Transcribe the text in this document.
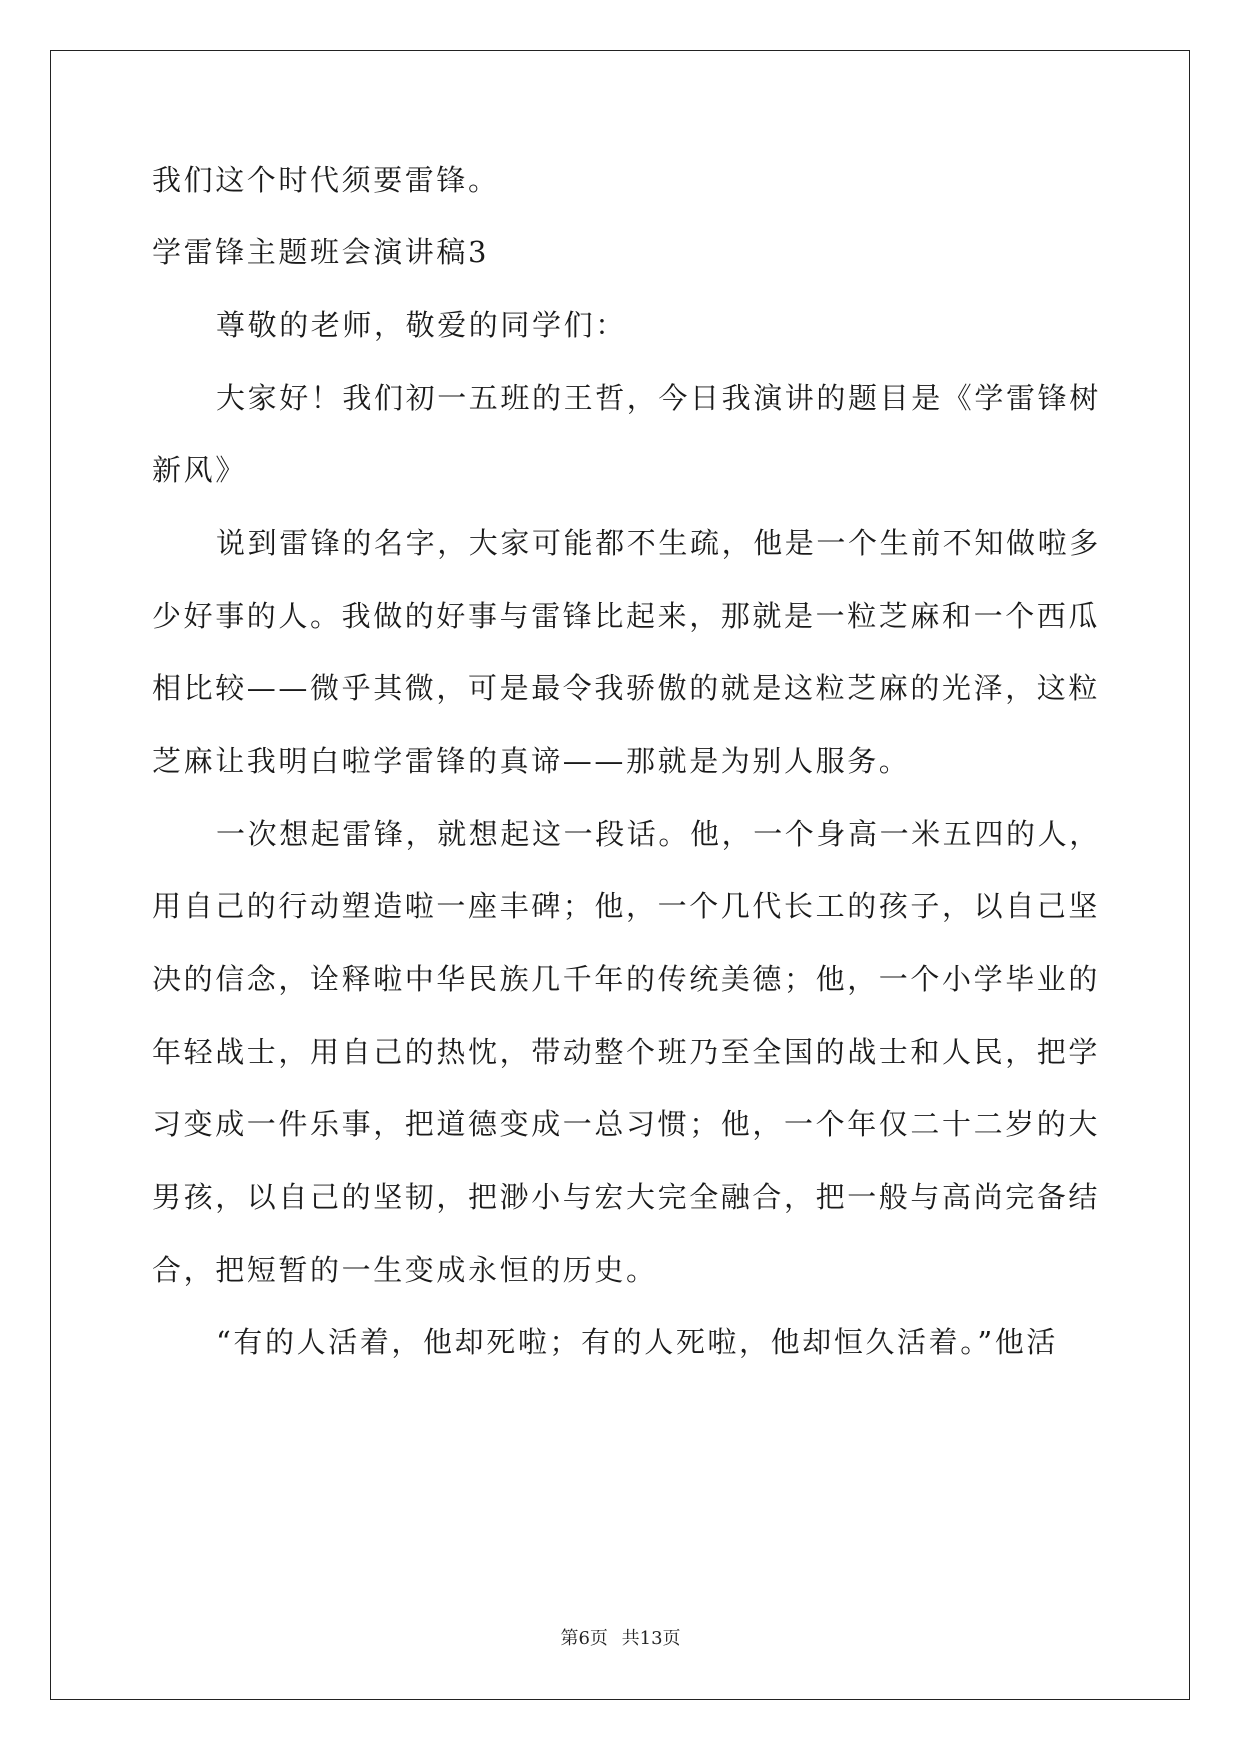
我们这个时代须要雷锋。
学雷锋主题班会演讲稿3
尊敬的老师，敬爱的同学们：
大家好！我们初一五班的王哲，今日我演讲的题目是《学雷锋树
新风》
说到雷锋的名字，大家可能都不生疏，他是一个生前不知做啦多
少好事的人。我做的好事与雷锋比起来，那就是一粒芝麻和一个西瓜
相比较——微乎其微，可是最令我骄傲的就是这粒芝麻的光泽，这粒
芝麻让我明白啦学雷锋的真谛——那就是为别人服务。
一次想起雷锋，就想起这一段话。他，一个身高一米五四的人，
用自己的行动塑造啦一座丰碑；他，一个几代长工的孩子，以自己坚
决的信念，诠释啦中华民族几千年的传统美德；他，一个小学毕业的
年轻战士，用自己的热忱，带动整个班乃至全国的战士和人民，把学
习变成一件乐事，把道德变成一总习惯；他，一个年仅二十二岁的大
男孩，以自己的坚韧，把渺小与宏大完全融合，把一般与高尚完备结
合，把短暂的一生变成永恒的历史。
“有的人活着，他却死啦；有的人死啦，他却恒久活着。”他活
第6页 共13页
